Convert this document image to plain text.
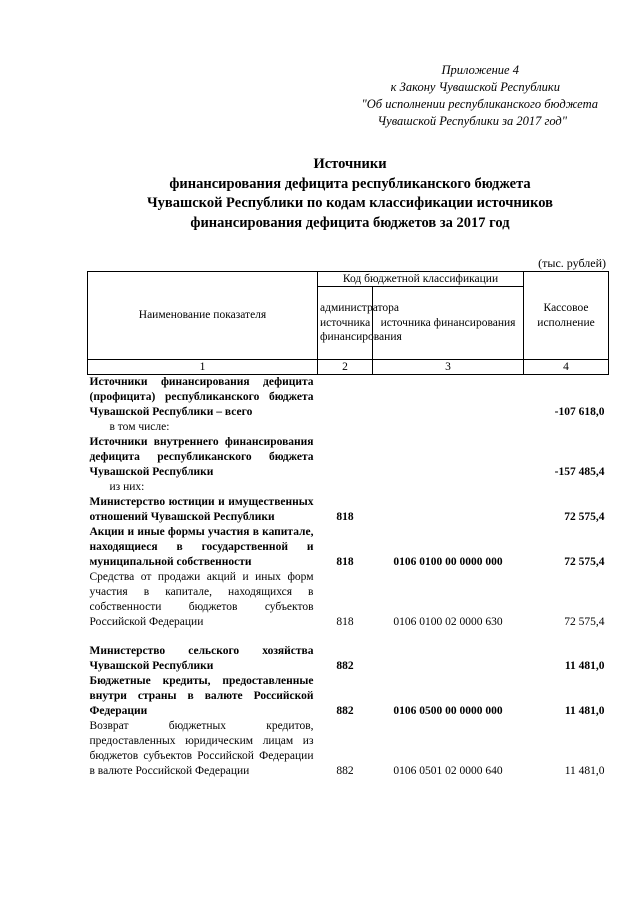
Приложение 4
к Закону Чувашской Республики
"Об исполнении республиканского бюджета
Чувашской Республики за 2017 год"
Источники
финансирования дефицита республиканского бюджета
Чувашской Республики по кодам классификации источников
финансирования дефицита бюджетов за 2017 год
(тыс. рублей)
Наименование показателя	Код бюджетной классификации		Кассовое исполнение
	администратора источника финансирования	источника финансирования	
1	2	3	4
Источники финансирования дефицита (профицита) республиканского бюджета Чувашской Республики – всего			-107 618,0
в том числе:			
Источники внутреннего финансирования дефицита республиканского бюджета Чувашской Республики			-157 485,4
из них:			
Министерство юстиции и имущественных отношений Чувашской Республики	818		72 575,4
Акции и иные формы участия в капитале, находящиеся в государственной и муниципальной собственности	818	0106 0100 00 0000 000	72 575,4
Средства от продажи акций и иных форм участия в капитале, находящихся в собственности бюджетов субъектов Российской Федерации	818	0106 0100 02 0000 630	72 575,4

Министерство сельского хозяйства Чувашской Республики	882		11 481,0
Бюджетные кредиты, предоставленные внутри страны в валюте Российской Федерации	882	0106 0500 00 0000 000	11 481,0
Возврат бюджетных кредитов, предоставленных юридическим лицам из бюджетов субъектов Российской Федерации в валюте Российской Федерации	882	0106 0501 02 0000 640	11 481,0
